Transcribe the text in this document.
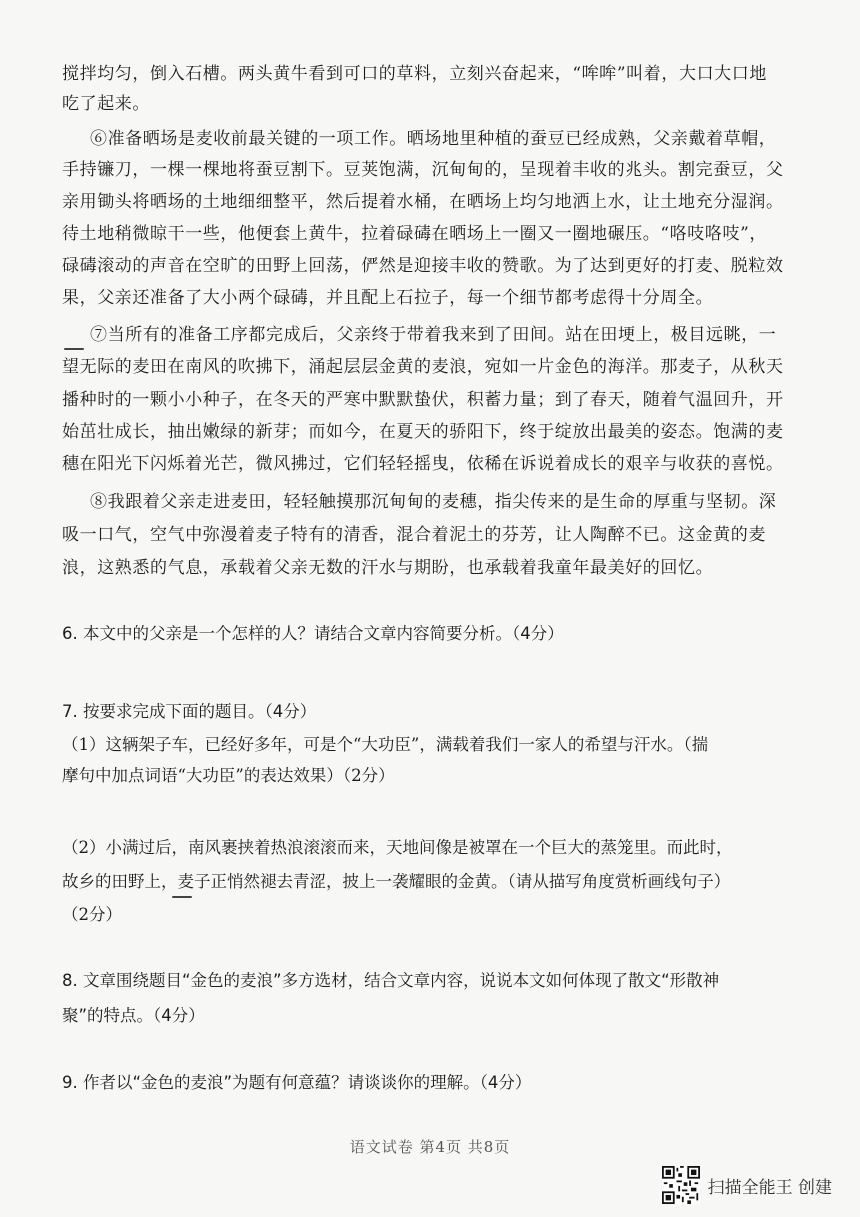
搅拌均匀，倒入石槽。两头黄牛看到可口的草料，立刻兴奋起来，“哞哞”叫着，大口大口地
吃了起来。
⑥准备晒场是麦收前最关键的一项工作。晒场地里种植的蚕豆已经成熟，父亲戴着草帽，
手持镰刀，一棵一棵地将蚕豆割下。豆荚饱满，沉甸甸的，呈现着丰收的兆头。割完蚕豆，父
亲用锄头将晒场的土地细细整平，然后提着水桶，在晒场上均匀地洒上水，让土地充分湿润。
待土地稍微晾干一些，他便套上黄牛，拉着碌碡在晒场上一圈又一圈地碾压。“咯吱咯吱”，
碌碡滚动的声音在空旷的田野上回荡，俨然是迎接丰收的赞歌。为了达到更好的打麦、脱粒效
果，父亲还准备了大小两个碌碡，并且配上石拉子，每一个细节都考虑得十分周全。
⑦当所有的准备工序都完成后，父亲终于带着我来到了田间。站在田埂上，极目远眺，一
望无际的麦田在南风的吹拂下，涌起层层金黄的麦浪，宛如一片金色的海洋。那麦子，从秋天
播种时的一颗小小种子，在冬天的严寒中默默蛰伏，积蓄力量；到了春天，随着气温回升，开
始茁壮成长，抽出嫩绿的新芽；而如今，在夏天的骄阳下，终于绽放出最美的姿态。饱满的麦
穗在阳光下闪烁着光芒，微风拂过，它们轻轻摇曳，依稀在诉说着成长的艰辛与收获的喜悦。
⑧我跟着父亲走进麦田，轻轻触摸那沉甸甸的麦穗，指尖传来的是生命的厚重与坚韧。深
吸一口气，空气中弥漫着麦子特有的清香，混合着泥土的芬芳，让人陶醉不已。这金黄的麦
浪，这熟悉的气息，承载着父亲无数的汗水与期盼，也承载着我童年最美好的回忆。
6. 本文中的父亲是一个怎样的人？请结合文章内容简要分析。（4分）
7. 按要求完成下面的题目。（4分）
（1）这辆架子车，已经好多年，可是个“大功臣”，满载着我们一家人的希望与汗水。（揣
摩句中加点词语“大功臣”的表达效果）（2分）
（2）小满过后，南风裹挟着热浪滚滚而来，天地间像是被罩在一个巨大的蒸笼里。而此时，
故乡的田野上，麦子正悄然褪去青涩，披上一袭耀眼的金黄。（请从描写角度赏析画线句子）
（2分）
8. 文章围绕题目“金色的麦浪”多方选材，结合文章内容，说说本文如何体现了散文“形散神
聚”的特点。（4分）
9. 作者以“金色的麦浪”为题有何意蕴？请谈谈你的理解。（4分）
语文试卷 第4页 共8页
扫描全能王 创建
